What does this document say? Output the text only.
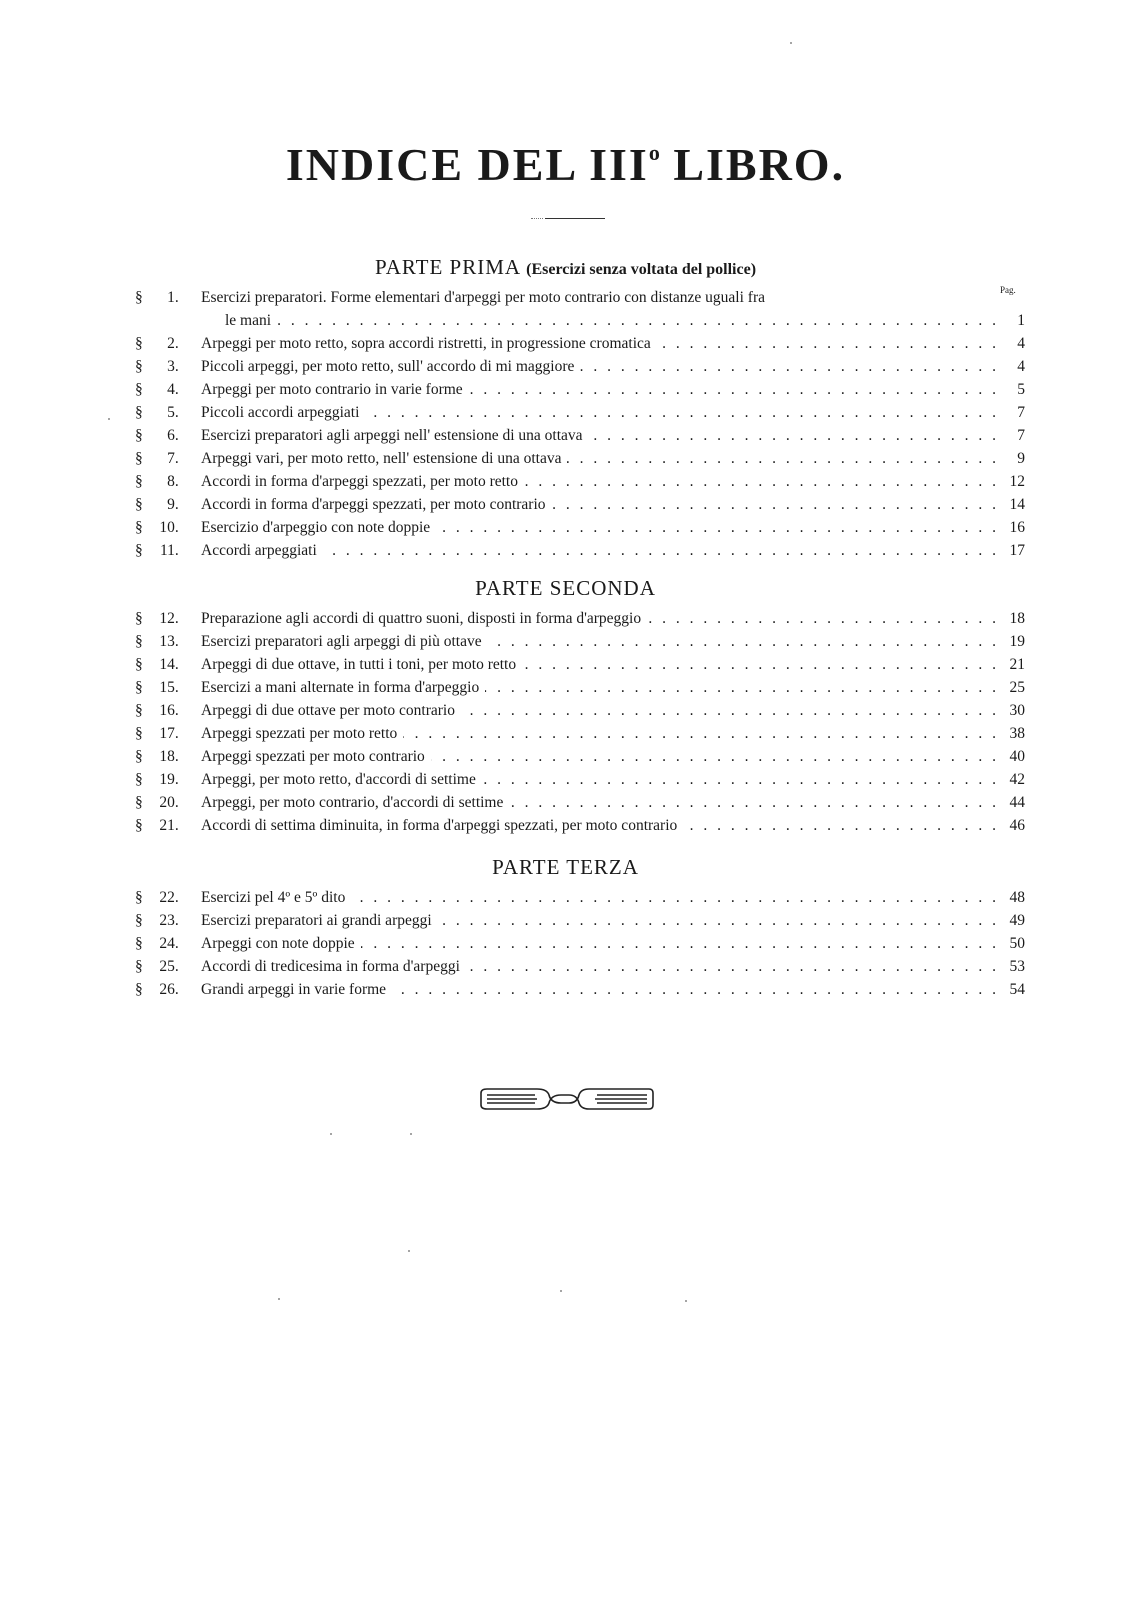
INDICE DEL III$^o$ LIBRO.
PARTE PRIMA (Esercizi senza voltata del pollice)
Pag.
§ 1.	Esercizi preparatori. Forme elementari d'arpeggi per moto contrario con distanze uguali fra
le mani . . .	1
§ 2.	Arpeggi per moto retto, sopra accordi ristretti, in progressione cromatica . . .	4
§ 3.	Piccoli arpeggi, per moto retto, sull' accordo di mi maggiore . . .	4
§ 4.	Arpeggi per moto contrario in varie forme . . .	5
§ 5.	Piccoli accordi arpeggiati . . .	7
§ 6.	Esercizi preparatori agli arpeggi nell' estensione di una ottava . . .	7
§ 7.	Arpeggi vari, per moto retto, nell' estensione di una ottava . . .	9
§ 8.	Accordi in forma d'arpeggi spezzati, per moto retto . . .	12
§ 9.	Accordi in forma d'arpeggi spezzati, per moto contrario . . .	14
§ 10.	Esercizio d'arpeggio con note doppie . . .	16
§ 11.	Accordi arpeggiati . . .	17
PARTE SECONDA
§ 12.	Preparazione agli accordi di quattro suoni, disposti in forma d'arpeggio . . .	18
§ 13.	Esercizi preparatori agli arpeggi di più ottave . . .	19
§ 14.	Arpeggi di due ottave, in tutti i toni, per moto retto . . .	21
§ 15.	Esercizi a mani alternate in forma d'arpeggio . . .	25
§ 16.	Arpeggi di due ottave per moto contrario . . .	30
§ 17.	Arpeggi spezzati per moto retto . . .	38
§ 18.	Arpeggi spezzati per moto contrario . . .	40
§ 19.	Arpeggi, per moto retto, d'accordi di settime . . .	42
§ 20.	Arpeggi, per moto contrario, d'accordi di settime . . .	44
§ 21.	Accordi di settima diminuita, in forma d'arpeggi spezzati, per moto contrario . . .	46
PARTE TERZA
§ 22.	Esercizi pel 4º e 5º dito . . .	48
§ 23.	Esercizi preparatori ai grandi arpeggi . . .	49
§ 24.	Arpeggi con note doppie . . .	50
§ 25.	Accordi di tredicesima in forma d'arpeggi . . .	53
§ 26.	Grandi arpeggi in varie forme . . .	54
